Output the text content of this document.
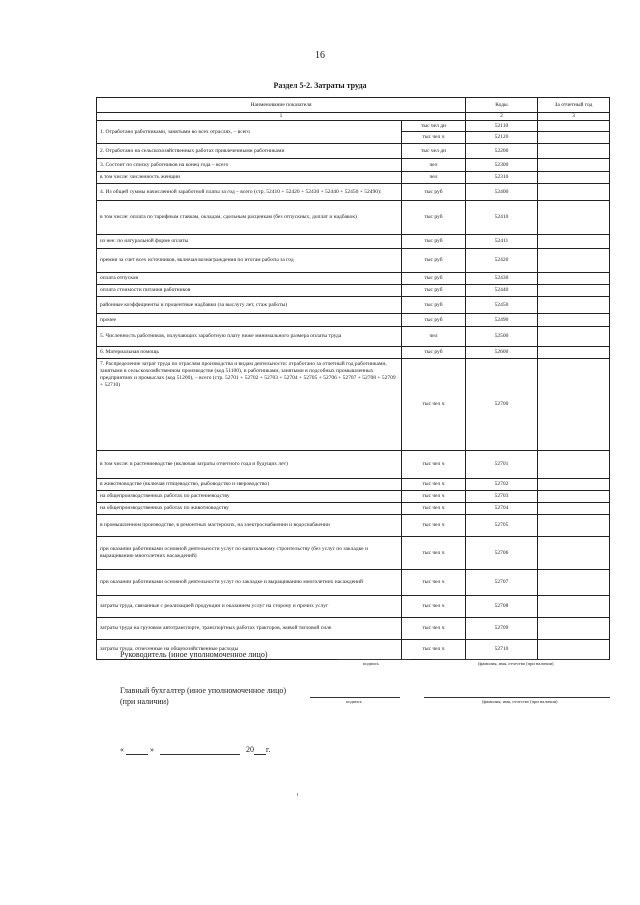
16
Раздел 5-2. Затраты труда
Наименование показателя		Коды	За отчетный год
1		2	3
1. Отработано работниками, занятыми во всех отраслях, – всего	тыс чел дн	52110	
	тыс чел ч	52120	
2. Отработано на сельскохозяйственных работах привлеченными работниками	тыс чел дн	52200	
3. Состоит по списку работников на конец года – всего	чел	52300	
в том числе: численность женщин	чел	52310	
4. Из общей суммы начисленной заработной платы за год – всего (стр. 52410 + 52420 + 52430 + 52440 + 52450 + 52490):	тыс руб	52400	
в том числе: оплата по тарифным ставкам, окладам, сдельным расценкам (без отпускных, доплат и надбавок)	тыс руб	52410	
из нее: по натуральной форме оплаты	тыс руб	52411	
премии за счет всех источников, включая вознаграждения по итогам работы за год	тыс руб	52420	
оплата отпусков	тыс руб	52430	
оплата стоимости питания работников	тыс руб	52440	
районные коэффициенты и процентные надбавки (за выслугу лет, стаж работы)	тыс руб	52450	
прочее	тыс руб	52490	
5. Численность работников, получающих заработную плату ниже минимального размера оплаты труда	чел	52500	
6. Материальная помощь	тыс руб	52600	
7. Распределение затрат труда по отраслям производства и видам деятельности: отработано за отчетный год работниками, занятыми в сельскохозяйственном производстве (код 51100), и работниками, занятыми в подсобных промышленных предприятиях и промыслах (код 51200), – всего (стр. 52701 + 52702 + 52703 + 52704 + 52705 + 52706 + 52707 + 52708 + 52709 + 52710)	тыс чел ч	52700	
в том числе: в растениеводстве (включая затраты отчетного года и будущих лет)	тыс чел ч	52701	
в животноводстве (включая птицеводство, рыбоводство и звероводство)	тыс чел ч	52702	
на общепроизводственных работах по растениеводству	тыс чел ч	52703	
на общепроизводственных работах по животноводству	тыс чел ч	52704	
в промышленном производстве, в ремонтных мастерских, на электроснабжении и водоснабжении	тыс чел ч	52705	
при оказании работниками основной деятельности услуг по капитальному строительству (без услуг по закладке и выращиванию многолетних насаждений)	тыс чел ч	52706	
при оказании работниками основной деятельности услуг по закладке и выращиванию многолетних насаждений	тыс чел ч	52707	
затраты труда, связанные с реализацией продукции и оказанием услуг на сторону и прочих услуг	тыс чел ч	52708	
затраты труда на грузовом автотранспорте, транспортных работах тракторов, живой тягловой силе	тыс чел ч	52709	
затраты труда, отнесенные на общехозяйственные расходы	тыс чел ч	52710	
Руководитель (иное уполномоченное лицо)
подпись	(фамилия, имя, отчество (при наличии)
Главный бухгалтер (иное уполномоченное лицо)
(при наличии)	подпись	(фамилия, имя, отчество (при наличии)
«	»	20 г.
